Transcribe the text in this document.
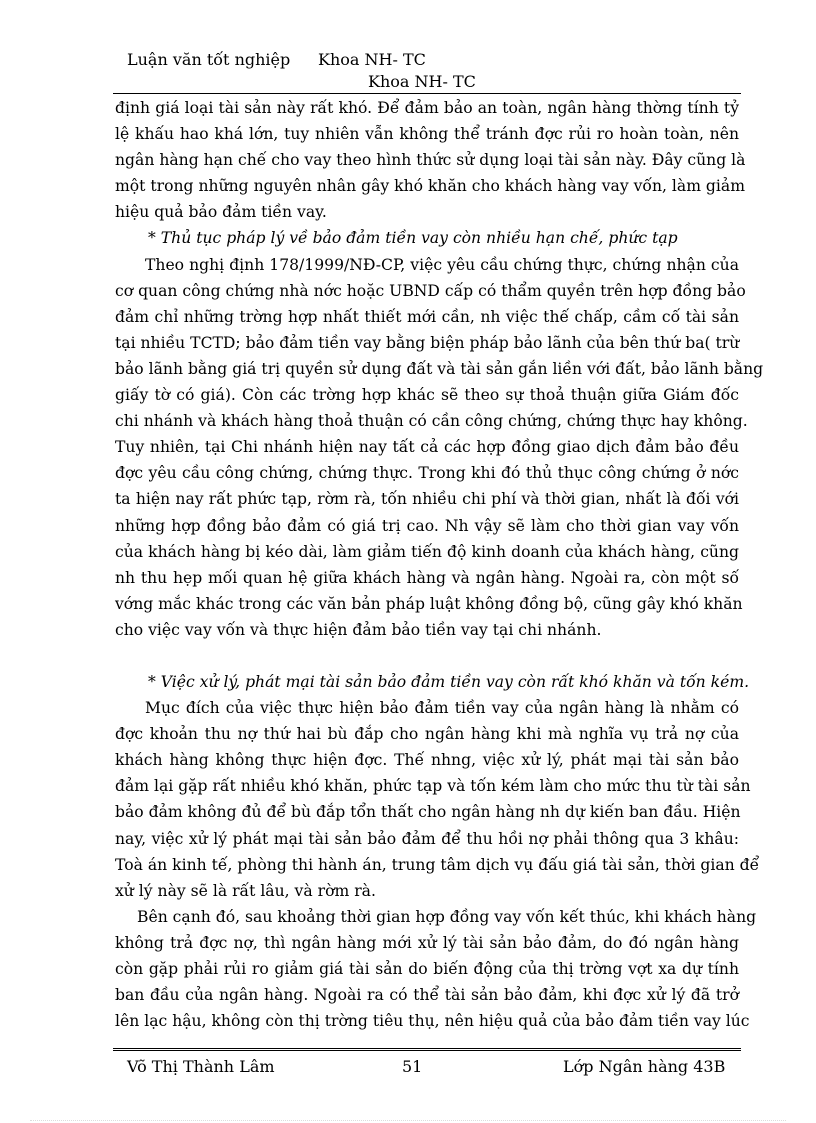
Luận văn tốt nghiệp Khoa NH- TC
Khoa NH- TC
định giá loại tài sản này rất khó. Để đảm bảo an toàn, ngân hàng thờng tính tỷ
lệ khấu hao khá lớn, tuy nhiên vẫn không thể tránh đợc rủi ro hoàn toàn, nên
ngân hàng hạn chế cho vay theo hình thức sử dụng loại tài sản này. Đây cũng là
một trong những nguyên nhân gây khó khăn cho khách hàng vay vốn, làm giảm
hiệu quả bảo đảm tiền vay.
* Thủ tục pháp lý về bảo đảm tiền vay còn nhiều hạn chế, phức tạp
Theo nghị định 178/1999/NĐ-CP, việc yêu cầu chứng thực, chứng nhận của
cơ quan công chứng nhà nớc hoặc UBND cấp có thẩm quyền trên hợp đồng bảo
đảm chỉ những trờng hợp nhất thiết mới cần, nh việc thế chấp, cầm cố tài sản
tại nhiều TCTD; bảo đảm tiền vay bằng biện pháp bảo lãnh của bên thứ ba( trừ
bảo lãnh bằng giá trị quyền sử dụng đất và tài sản gắn liền với đất, bảo lãnh bằng
giấy tờ có giá). Còn các trờng hợp khác sẽ theo sự thoả thuận giữa Giám đốc
chi nhánh và khách hàng thoả thuận có cần công chứng, chứng thực hay không.
Tuy nhiên, tại Chi nhánh hiện nay tất cả các hợp đồng giao dịch đảm bảo đều
đợc yêu cầu công chứng, chứng thực. Trong khi đó thủ thục công chứng ở nớc
ta hiện nay rất phức tạp, rờm rà, tốn nhiều chi phí và thời gian, nhất là đối với
những hợp đồng bảo đảm có giá trị cao. Nh vậy sẽ làm cho thời gian vay vốn
của khách hàng bị kéo dài, làm giảm tiến độ kinh doanh của khách hàng, cũng
nh thu hẹp mối quan hệ giữa khách hàng và ngân hàng. Ngoài ra, còn một số
vớng mắc khác trong các văn bản pháp luật không đồng bộ, cũng gây khó khăn
cho việc vay vốn và thực hiện đảm bảo tiền vay tại chi nhánh.
* Việc xử lý, phát mại tài sản bảo đảm tiền vay còn rất khó khăn và tốn kém.
Mục đích của việc thực hiện bảo đảm tiền vay của ngân hàng là nhằm có
đợc khoản thu nợ thứ hai bù đắp cho ngân hàng khi mà nghĩa vụ trả nợ của
khách hàng không thực hiện đợc. Thế nhng, việc xử lý, phát mại tài sản bảo
đảm lại gặp rất nhiều khó khăn, phức tạp và tốn kém làm cho mức thu từ tài sản
bảo đảm không đủ để bù đắp tổn thất cho ngân hàng nh dự kiến ban đầu. Hiện
nay, việc xử lý phát mại tài sản bảo đảm để thu hồi nợ phải thông qua 3 khâu:
Toà án kinh tế, phòng thi hành án, trung tâm dịch vụ đấu giá tài sản, thời gian để
xử lý này sẽ là rất lâu, và rờm rà.
Bên cạnh đó, sau khoảng thời gian hợp đồng vay vốn kết thúc, khi khách hàng
không trả đợc nợ, thì ngân hàng mới xử lý tài sản bảo đảm, do đó ngân hàng
còn gặp phải rủi ro giảm giá tài sản do biến động của thị trờng vợt xa dự tính
ban đầu của ngân hàng. Ngoài ra có thể tài sản bảo đảm, khi đợc xử lý đã trở
lên lạc hậu, không còn thị trờng tiêu thụ, nên hiệu quả của bảo đảm tiền vay lúc
Võ Thị Thành Lâm	51	Lớp Ngân hàng 43B
